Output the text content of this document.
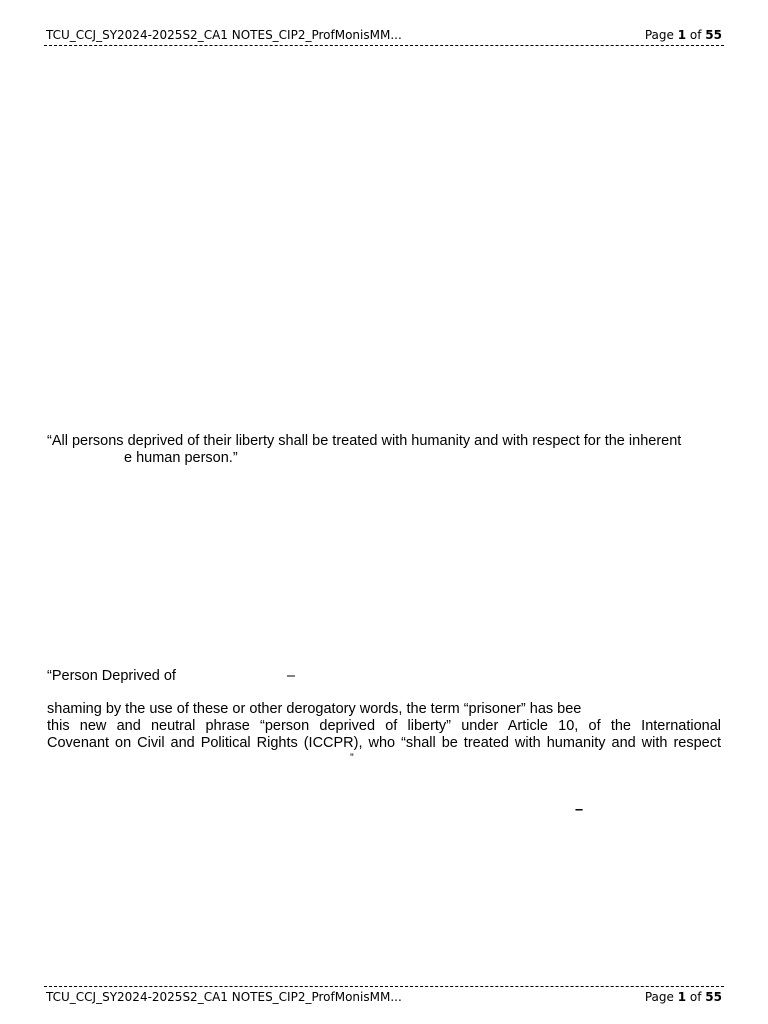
TCU_CCJ_SY2024-2025S2_CA1 NOTES_CIP2_ProfMonisMM...	Page 1 of 55
“All persons deprived of their liberty shall be treated with humanity and with respect for the inherent
e human person.”
“Person Deprived of	–
shaming by the use of these or other derogatory words, the term “prisoner” has bee
this new and neutral phrase “person deprived of liberty” under Article 10, of the International
Covenant on Civil and Political Rights (ICCPR), who “shall be treated with humanity and with respect
”
–
TCU_CCJ_SY2024-2025S2_CA1 NOTES_CIP2_ProfMonisMM...	Page 1 of 55
